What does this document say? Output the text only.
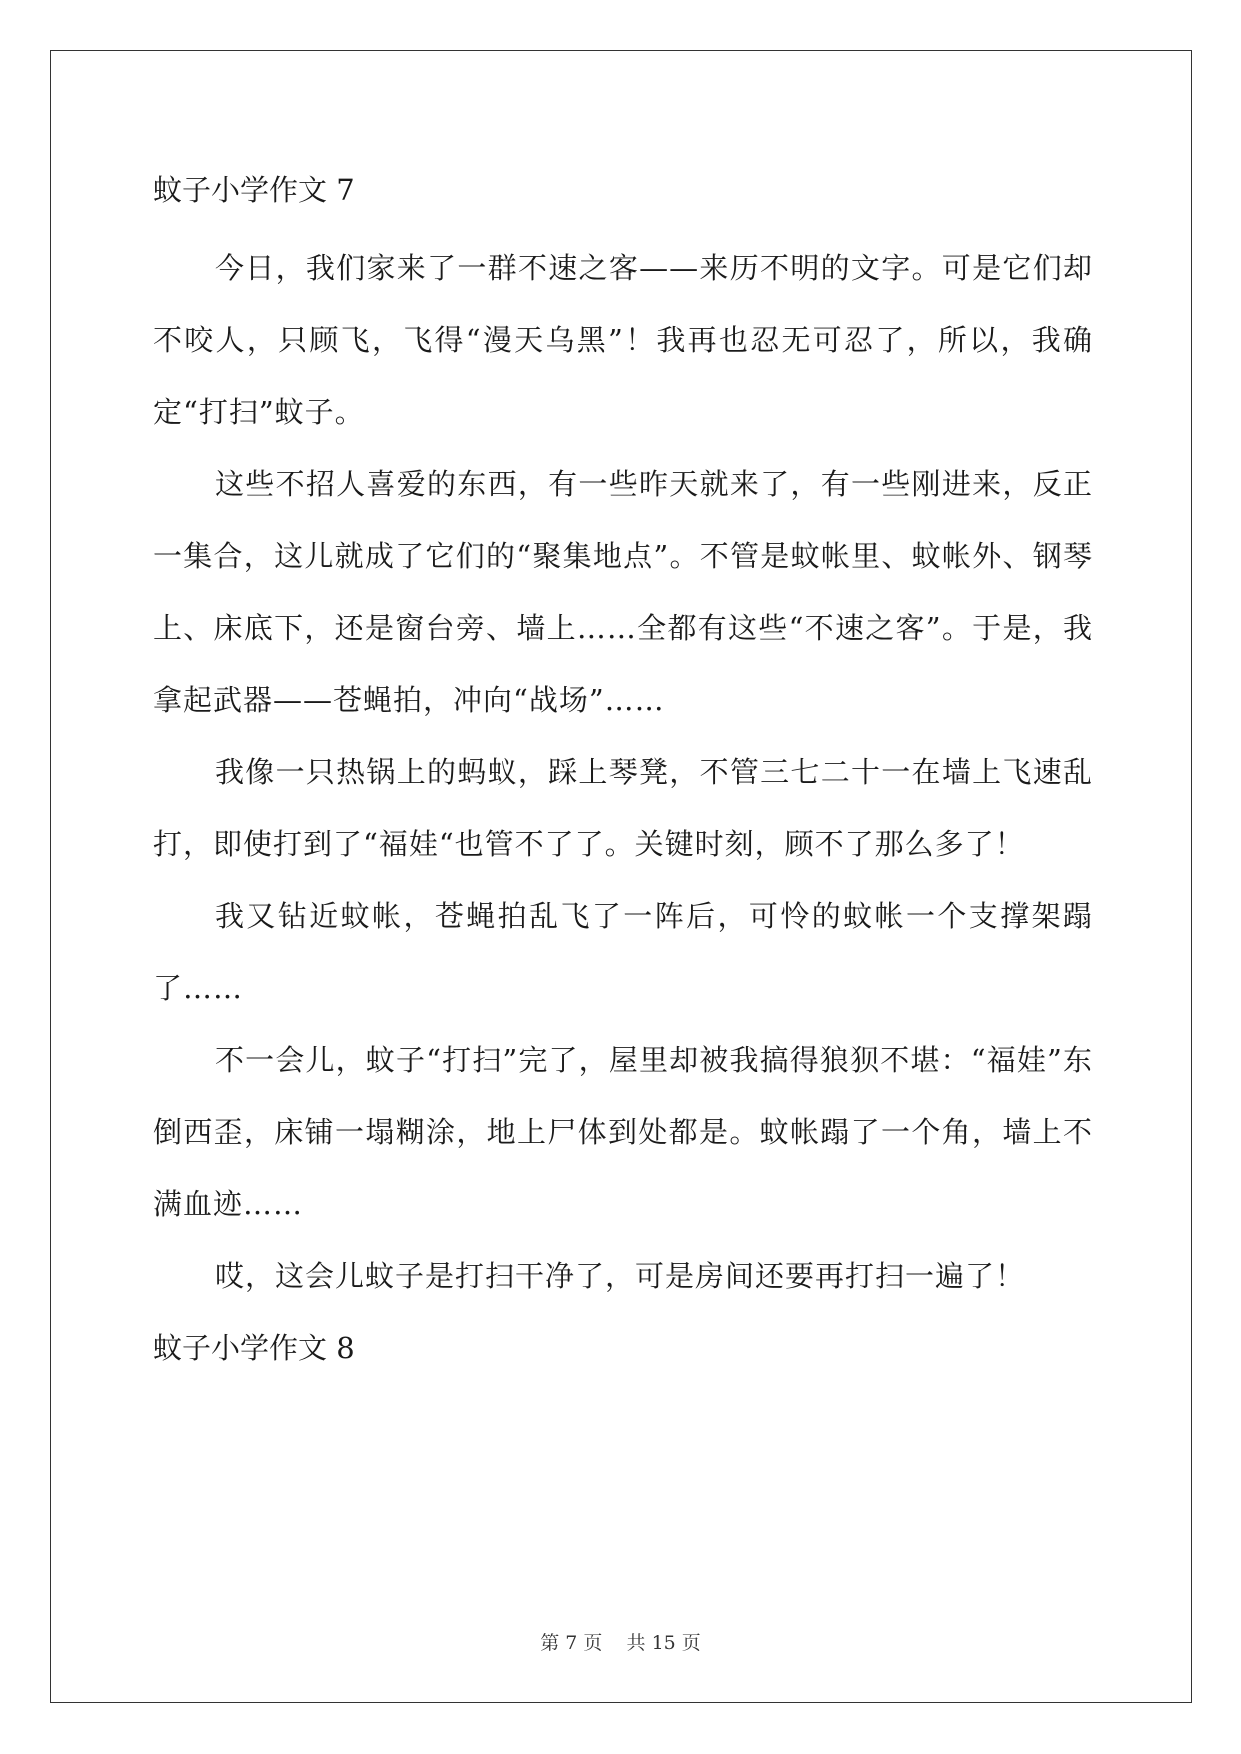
蚊子小学作文 7

今日，我们家来了一群不速之客——来历不明的文字。可是它们却不咬人，只顾飞，飞得“漫天乌黑”！我再也忍无可忍了，所以，我确定“打扫”蚊子。

这些不招人喜爱的东西，有一些昨天就来了，有一些刚进来，反正一集合，这儿就成了它们的“聚集地点”。不管是蚊帐里、蚊帐外、钢琴上、床底下，还是窗台旁、墙上……全都有这些“不速之客”。于是，我拿起武器——苍蝇拍，冲向“战场”……

我像一只热锅上的蚂蚁，踩上琴凳，不管三七二十一在墙上飞速乱打，即使打到了“福娃“也管不了了。关键时刻，顾不了那么多了！

我又钻近蚊帐，苍蝇拍乱飞了一阵后，可怜的蚊帐一个支撑架蹋了……

不一会儿，蚊子“打扫”完了，屋里却被我搞得狼狈不堪：“福娃”东倒西歪，床铺一塌糊涂，地上尸体到处都是。蚊帐蹋了一个角，墙上不满血迹……

哎，这会儿蚊子是打扫干净了，可是房间还要再打扫一遍了！

蚊子小学作文 8

第 7 页 共 15 页
